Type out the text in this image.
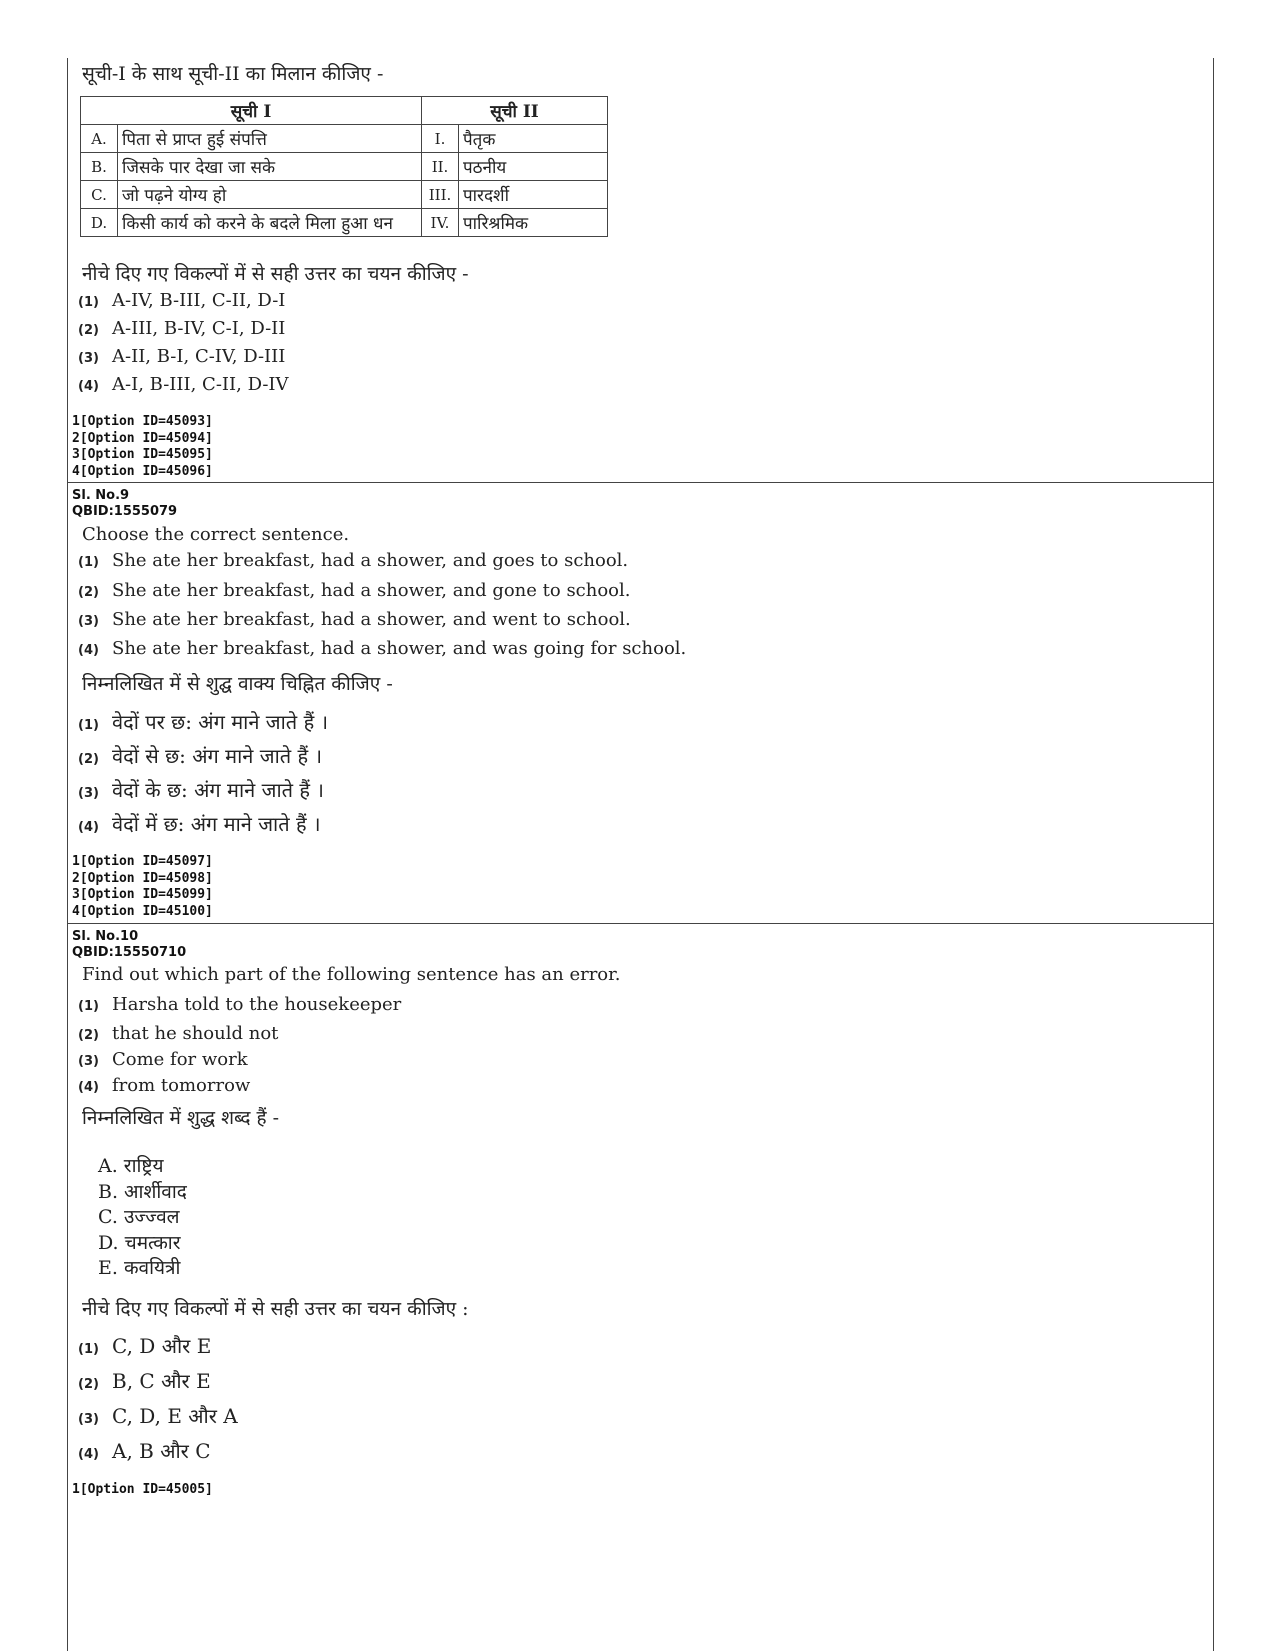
सूची-I के साथ सूची-II का मिलान कीजिए -
सूची I		सूची II	
A.	पिता से प्राप्त हुई संपत्ति	I.	पैतृक
B.	जिसके पार देखा जा सके	II.	पठनीय
C.	जो पढ़ने योग्य हो	III.	पारदर्शी
D.	किसी कार्य को करने के बदले मिला हुआ धन	IV.	पारिश्रमिक
नीचे दिए गए विकल्पों में से सही उत्तर का चयन कीजिए -
(1) A-IV, B-III, C-II, D-I
(2) A-III, B-IV, C-I, D-II
(3) A-II, B-I, C-IV, D-III
(4) A-I, B-III, C-II, D-IV
1[Option ID=45093]
2[Option ID=45094]
3[Option ID=45095]
4[Option ID=45096]
Sl. No.9
QBID:1555079
Choose the correct sentence.
(1) She ate her breakfast, had a shower, and goes to school.
(2) She ate her breakfast, had a shower, and gone to school.
(3) She ate her breakfast, had a shower, and went to school.
(4) She ate her breakfast, had a shower, and was going for school.
निम्नलिखित में से शुद्घ वाक्य चिह्नित कीजिए -
(1) वेदों पर छ: अंग माने जाते हैं ।
(2) वेदों से छ: अंग माने जाते हैं ।
(3) वेदों के छ: अंग माने जाते हैं ।
(4) वेदों में छ: अंग माने जाते हैं ।
1[Option ID=45097]
2[Option ID=45098]
3[Option ID=45099]
4[Option ID=45100]
Sl. No.10
QBID:15550710
Find out which part of the following sentence has an error.
(1) Harsha told to the housekeeper
(2) that he should not
(3) Come for work
(4) from tomorrow
निम्नलिखित में शुद्ध शब्द हैं -
A. राष्ट्रिय
B. आर्शीवाद
C. उज्ज्वल
D. चमत्कार
E. कवयित्री
नीचे दिए गए विकल्पों में से सही उत्तर का चयन कीजिए :
(1) C, D और E
(2) B, C और E
(3) C, D, E और A
(4) A, B और C
1[Option ID=45005]
